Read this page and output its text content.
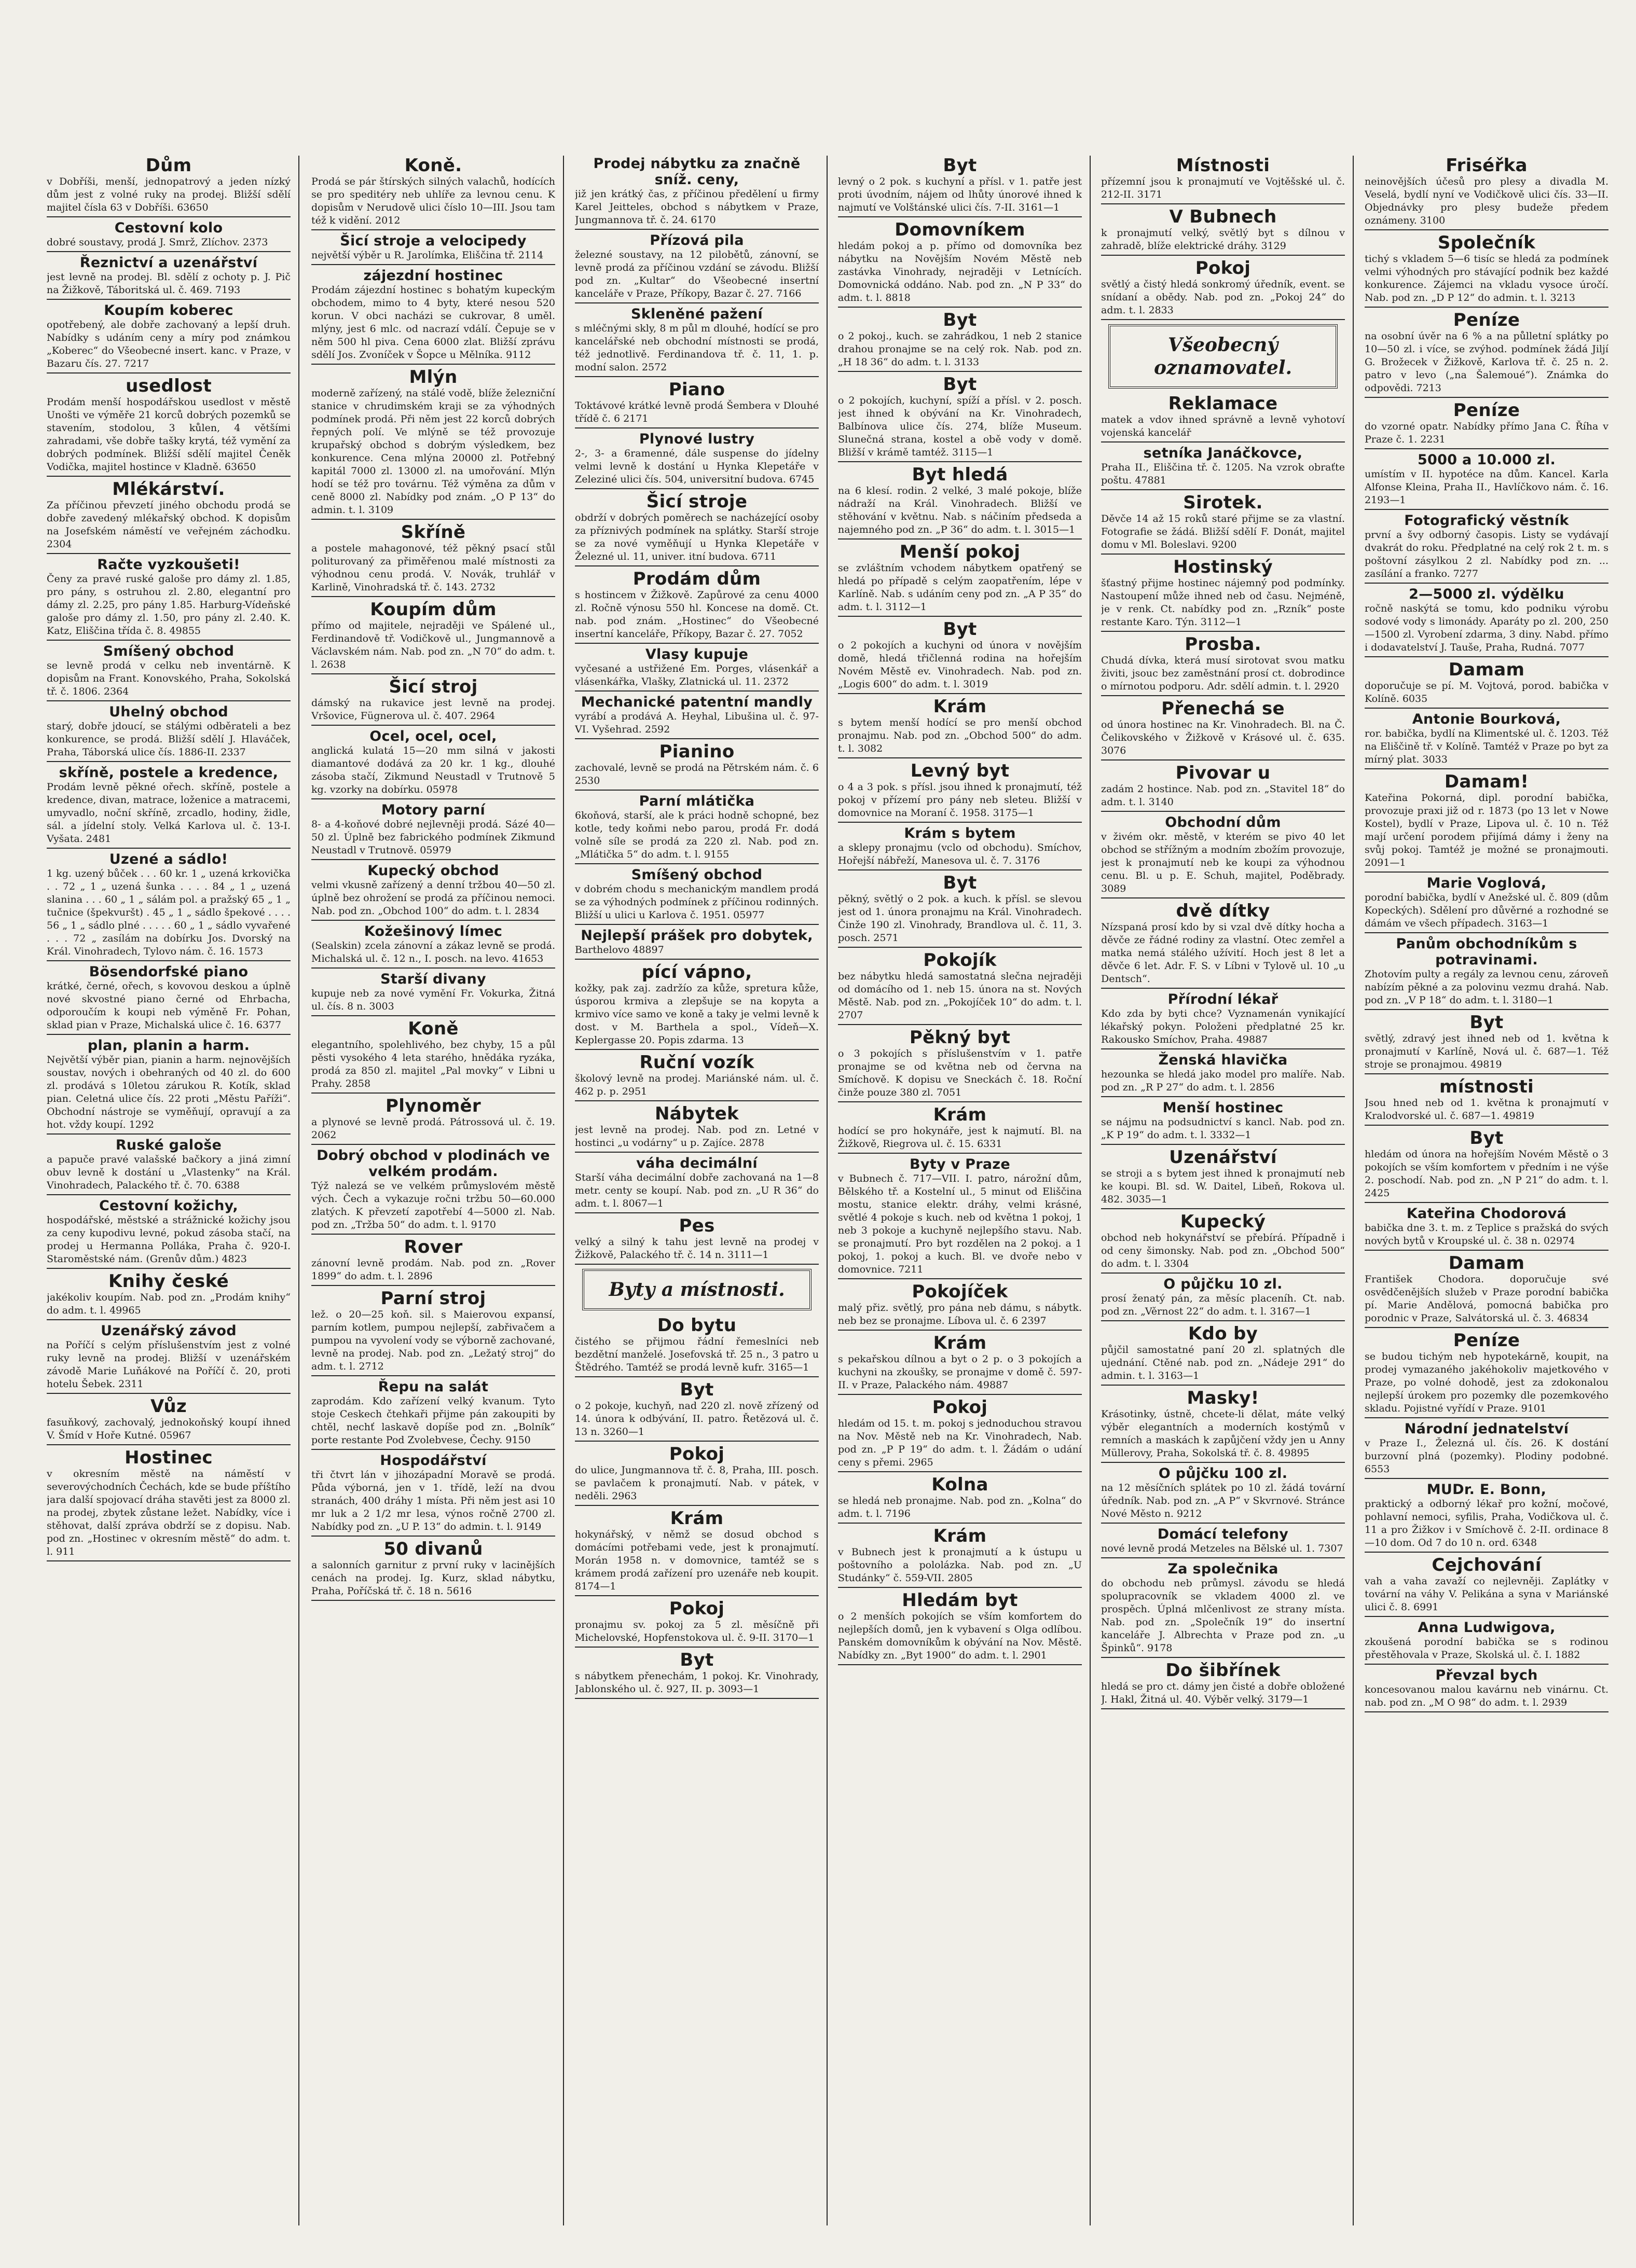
Dům
v Dobříši, menší, jednopatrový a jeden nízký dům jest z volné ruky na prodej. Bližší sdělí majitel čísla 63 v Dobříši. 63650
Cestovní kolo
dobré soustavy, prodá J. Smrž, Zlíchov. 2373
Řeznictví a uzenářství
jest levně na prodej. Bl. sdělí z ochoty p. J. Pič na Žižkově, Táboritská ul. č. 469. 7193
Koupím koberec
opotřebený, ale dobře zachovaný a lepší druh. Nabídky s udáním ceny a míry pod známkou „Koberec“ do Všeobecné insert. kanc. v Praze, v Bazaru čís. 27. 7217
usedlost
Prodám menší hospodářskou usedlost v městě Unošti ve výměře 21 korců dobrých pozemků se stavením, stodolou, 3 kůlen, 4 většími zahradami, vše dobře tašky krytá, též vymění za dobrých podmínek. Bližší sdělí majitel Čeněk Vodička, majitel hostince v Kladně. 63650
Mlékárství.
Za příčinou převzetí jiného obchodu prodá se dobře zavedený mlékařský obchod. K dopisům na Josefském náměstí ve veřejném záchodku. 2304
Račte vyzkoušeti!
Čeny za pravé ruské galoše pro dámy zl. 1.85, pro pány, s ostruhou zl. 2.80, elegantní pro dámy zl. 2.25, pro pány 1.85. Harburg-Vídeňské galoše pro dámy zl. 1.50, pro pány zl. 2.40. K. Katz, Eliščina třída č. 8. 49855
Smíšený obchod
se levně prodá v celku neb inventárně. K dopisům na Frant. Konovského, Praha, Sokolská tř. č. 1806. 2364
Uhelný obchod
starý, dobře jdoucí, se stálými odběrateli a bez konkurence, se prodá. Bližší sdělí J. Hlaváček, Praha, Táborská ulice čís. 1886-II. 2337
skříně, postele a kredence,
Prodám levně pěkné ořech. skříně, postele a kredence, divan, matrace, loženice a matracemi, umyvadlo, noční skříně, zrcadlo, hodiny, židle, sál. a jídelní stoly. Velká Karlova ul. č. 13-I. Vyšata. 2481
Uzené a sádlo!
1 kg. uzený bůček . . . 60 kr. 1 „ uzená krkovička . . 72 „ 1 „ uzená šunka . . . . 84 „ 1 „ uzená slanina . . . 60 „ 1 „ sálám pol. a pražský 65 „ 1 „ tučnice (špekvuršt) . 45 „ 1 „ sádlo špekové . . . . 56 „ 1 „ sádlo plné . . . . . 60 „ 1 „ sádlo vyvařené . . . 72 „ zasílám na dobírku Jos. Dvorský na Král. Vinohradech, Tylovo nám. č. 16. 1573
Bösendorfské piano
krátké, černé, ořech, s kovovou deskou a úplně nové skvostné piano černé od Ehrbacha, odporoučím k koupi neb výměně Fr. Pohan, sklad pian v Praze, Michalská ulice č. 16. 6377
plan, planin a harm.
Největší výběr pian, pianin a harm. nejnovějších soustav, nových i obehraných od 40 zl. do 600 zl. prodává s 10letou zárukou R. Kotík, sklad pian. Celetná ulice čís. 22 proti „Městu Paříži“. Obchodní nástroje se vyměňují, opravují a za hot. vždy koupí. 1292
Ruské galoše
a papuče pravé valašské bačkory a jiná zimní obuv levně k dostání u „Vlastenky“ na Král. Vinohradech, Palackého tř. č. 70. 6388
Cestovní kožichy,
hospodářské, městské a strážnické kožichy jsou za ceny kupodivu levné, pokud zásoba stačí, na prodej u Hermanna Polláka, Praha č. 920-I. Staroměstské nám. (Grenův dům.) 4823
Knihy české
jakékoliv koupím. Nab. pod zn. „Prodám knihy“ do adm. t. l. 49965
Uzenářský závod
na Poříčí s celým příslušenstvím jest z volné ruky levně na prodej. Bližší v uzenářském závodě Marie Luňákové na Poříčí č. 20, proti hotelu Šebek. 2311
Vůz
fasuňkový, zachovalý, jednokoňský koupí ihned V. Šmíd v Hoře Kutné. 05967
Hostinec
v okresním městě na náměstí v severovýchodních Čechách, kde se bude příštího jara další spojovací dráha stavěti jest za 8000 zl. na prodej, zbytek zůstane ležet. Nabídky, více i stěhovat, další zpráva obdrží se z dopisu. Nab. pod zn. „Hostinec v okresním městě“ do adm. t. l. 911
Koně.
Prodá se pár štírských silných valachů, hodících se pro speditéry neb uhlíře za levnou cenu. K dopisům v Nerudově ulici číslo 10—III. Jsou tam též k vidění. 2012
Šicí stroje a velocipedy
největší výběr u R. Jarolímka, Eliščina tř. 2114
zájezdní hostinec
Prodám zájezdní hostinec s bohatým kupeckým obchodem, mimo to 4 byty, které nesou 520 korun. V obci nacházi se cukrovar, 8 uměl. mlýny, jest 6 mlc. od nacrazí vdálí. Čepuje se v něm 500 hl piva. Cena 6000 zlat. Bližší zprávu sdělí Jos. Zvoníček v Šopce u Mělníka. 9112
Mlýn
moderně zařízený, na stálé vodě, blíže železniční stanice v chrudimském kraji se za výhodných podmínek prodá. Při něm jest 22 korců dobrých řepných polí. Ve mlýně se též provozuje krupařský obchod s dobrým výsledkem, bez konkurence. Cena mlýna 20000 zl. Potřebný kapitál 7000 zl. 13000 zl. na umořování. Mlýn hodí se též pro továrnu. Též výměna za dům v ceně 8000 zl. Nabídky pod znám. „O P 13“ do admin. t. l. 3109
Skříně
a postele mahagonové, též pěkný psací stůl politurovaný za přiměřenou malé místnosti za výhodnou cenu prodá. V. Novák, truhlář v Karlině, Vinohradská tř. č. 143. 2732
Koupím dům
přímo od majitele, nejraději ve Spálené ul., Ferdinandově tř. Vodičkově ul., Jungmannově a Václavském nám. Nab. pod zn. „N 70“ do adm. t. l. 2638
Šicí stroj
dámský na rukavice jest levně na prodej. Vršovice, Fügnerova ul. č. 407. 2964
Ocel, ocel, ocel,
anglická kulatá 15—20 mm silná v jakosti diamantové dodává za 20 kr. 1 kg., dlouhé zásoba stačí, Zikmund Neustadl v Trutnově 5 kg. vzorky na dobírku. 05978
Motory parní
8- a 4-koňové dobré nejlevněji prodá. Sázé 40—50 zl. Úplně bez fabrického podmínek Zikmund Neustadl v Trutnově. 05979
Kupecký obchod
velmi vkusně zařízený a denní tržbou 40—50 zl. úplně bez ohrožení se prodá za příčinou nemoci. Nab. pod zn. „Obchod 100“ do adm. t. l. 2834
Kožešinový límec
(Sealskin) zcela zánovní a zákaz levně se prodá. Michalská ul. č. 12 n., I. posch. na levo. 41653
Starší divany
kupuje neb za nové vymění Fr. Vokurka, Žitná ul. čís. 8 n. 3003
Koně
elegantního, spolehlivého, bez chyby, 15 a půl pěsti vysokého 4 leta starého, hnědáka ryzáka, prodá za 850 zl. majitel „Pal movky“ v Libni u Prahy. 2858
Plynoměr
a plynové se levně prodá. Pátrossová ul. č. 19. 2062
Dobrý obchod v plodinách ve velkém prodám.
Týž nalezá se ve velkém průmyslovém městě vých. Čech a vykazuje ročni tržbu 50—60.000 zlatých. K převzetí zapotřebí 4—5000 zl. Nab. pod zn. „Tržba 50“ do adm. t. l. 9170
Rover
zánovní levně prodám. Nab. pod zn. „Rover 1899“ do adm. t. l. 2896
Parní stroj
lež. o 20—25 koň. sil. s Maierovou expansí, parním kotlem, pumpou nejlepší, zabřivačem a pumpou na vyvolení vody se výborně zachované, levně na prodej. Nab. pod zn. „Ležatý stroj“ do adm. t. l. 2712
Řepu na salát
zaprodám. Kdo zařízení velký kvanum. Tyto stoje Ceskech čtehkaři přijme pán zakoupiti by chtěl, nechť laskavě dopíše pod zn. „Bolník“ porte restante Pod Zvolebvese, Čechy. 9150
Hospodářství
tři čtvrt lán v jihozápadní Moravě se prodá. Půda výborná, jen v 1. třídě, leží na dvou stranách, 400 dráhy 1 místa. Při něm jest asi 10 mr luk a 2 1/2 mr lesa, výnos ročně 2700 zl. Nabídky pod zn. „U P. 13“ do admin. t. l. 9149
50 divanů
a salonních garnitur z první ruky v lacinějších cenách na prodej. Ig. Kurz, sklad nábytku, Praha, Poříčská tř. č. 18 n. 5616
Prodej nábytku za značně sníž. ceny,
již jen krátký čas, z příčinou předělení u firmy Karel Jeitteles, obchod s nábytkem v Praze, Jungmannova tř. č. 24. 6170
Přízová pila
železné soustavy, na 12 pilobětů, zánovní, se levně prodá za příčinou vzdání se závodu. Bližší pod zn. „Kultar“ do Všeobecné insertní kanceláře v Praze, Příkopy, Bazar č. 27. 7166
Skleněné pažení
s mléčnými skly, 8 m půl m dlouhé, hodící se pro kancelářské neb obchodní místnosti se prodá, též jednotlivě. Ferdinandova tř. č. 11, 1. p. modní salon. 2572
Piano
Toktávové krátké levně prodá Šembera v Dlouhé třídě č. 6 2171
Plynové lustry
2-, 3- a 6ramenné, dále suspense do jídelny velmi levně k dostání u Hynka Klepetáře v Zeleziné ulici čís. 504, universitní budova. 6745
Šicí stroje
obdrží v dobrých poměrech se nacházející osoby za příznivých podmínek na splátky. Starší stroje se za nové vyměňují u Hynka Klepetáře v Železné ul. 11, univer. itní budova. 6711
Prodám dům
s hostincem v Žižkově. Zapůrové za cenu 4000 zl. Ročně výnosu 550 hl. Koncese na domě. Ct. nab. pod znám. „Hostinec“ do Všeobecné insertní kanceláře, Příkopy, Bazar č. 27. 7052
Vlasy kupuje
vyčesané a ustřižené Em. Porges, vlásenkář a vlásenkářka, Vlašky, Zlatnická ul. 11. 2372
Mechanické patentní mandly
vyrábí a prodává A. Heyhal, Libušina ul. č. 97-VI. Vyšehrad. 2592
Pianino
zachovalé, levně se prodá na Pětrském nám. č. 6 2530
Parní mlátička
6koňová, starší, ale k práci hodně schopné, bez kotle, tedy koňmi nebo parou, prodá Fr. dodá volně síle se prodá za 220 zl. Nab. pod zn. „Mlátička 5“ do adm. t. l. 9155
Smíšený obchod
v dobrém chodu s mechanickým mandlem prodá se za výhodných podmínek z příčinou rodinných. Bližší u ulici u Karlova č. 1951. 05977
Nejlepší prášek pro dobytek,
Barthelovo 48897
pící vápno,
kožky, pak zaj. zadržío za kůže, spretura kůže, úsporou krmiva a zlepšuje se na kopyta a krmivo více samo ve koně a taky je velmi levně k dost. v M. Barthela a spol., Vídeň—X. Keplergasse 20. Popis zdarma. 13
Ruční vozík
školový levně na prodej. Mariánské nám. ul. č. 462 p. p. 2951
Nábytek
jest levně na prodej. Nab. pod zn. Letné v hostinci „u vodárny“ u p. Zajíce. 2878
váha decimální
Starší váha decimální dobře zachovaná na 1—8 metr. centy se koupí. Nab. pod zn. „U R 36“ do adm. t. l. 8067—1
Pes
velký a silný k tahu jest levně na prodej v Žižkově, Palackého tř. č. 14 n. 3111—1
Byty a místnosti.
Do bytu
čistého se přijmou řádní řemeslníci neb bezdětní manželé. Josefovská tř. 25 n., 3 patro u Štědrého. Tamtéž se prodá levně kufr. 3165—1
Byt
o 2 pokoje, kuchyň, nad 220 zl. nově zřízený od 14. února k odbývání, II. patro. Řetězová ul. č. 13 n. 3260—1
Pokoj
do ulice, Jungmannova tř. č. 8, Praha, III. posch. se pavlačem k pronajmutí. Nab. v pátek, v neděli. 2963
Krám
hokynářský, v němž se dosud obchod s domácími potřebami vede, jest k pronajmutí. Morán 1958 n. v domovnice, tamtéž se s krámem prodá zařízení pro uzenáře neb koupit. 8174—1
Pokoj
pronajmu sv. pokoj za 5 zl. měsíčně při Michelovské, Hopfenstokova ul. č. 9-II. 3170—1
Byt
s nábytkem přenechám, 1 pokoj. Kr. Vinohrady, Jablonského ul. č. 927, II. p. 3093—1
Byt
levný o 2 pok. s kuchyní a přísl. v 1. patře jest proti úvodním, nájem od lhůty únorové ihned k najmutí ve Volštánské ulici čís. 7-II. 3161—1
Domovníkem
hledám pokoj a p. přímo od domovníka bez nábytku na Novějším Novém Městě neb zastávka Vinohrady, nejraději v Letnících. Domovnická oddáno. Nab. pod zn. „N P 33“ do adm. t. l. 8818
Byt
o 2 pokoj., kuch. se zahrádkou, 1 neb 2 stanice drahou pronajme se na celý rok. Nab. pod zn. „H 18 36“ do adm. t. l. 3133
Byt
o 2 pokojích, kuchyní, spíží a přísl. v 2. posch. jest ihned k obývání na Kr. Vinohradech, Balbínova ulice čís. 274, blíže Museum. Slunečná strana, kostel a obě vody v domě. Bližší v krámě tamtéž. 3115—1
Byt hledá
na 6 klesí. rodin. 2 velké, 3 malé pokoje, blíže nádraží na Král. Vinohradech. Bližší ve stěhování v květnu. Nab. s náčiním předseda a najemného pod zn. „P 36“ do adm. t. l. 3015—1
Menší pokoj
se zvláštním vchodem nábytkem opatřený se hledá po případě s celým zaopatřením, lépe v Karlíně. Nab. s udáním ceny pod zn. „A P 35“ do adm. t. l. 3112—1
Byt
o 2 pokojích a kuchyni od února v novějším domě, hledá třičlenná rodina na hořejším Novém Městě ev. Vinohradech. Nab. pod zn. „Logis 600“ do adm. t. l. 3019
Krám
s bytem menší hodící se pro menší obchod pronajmu. Nab. pod zn. „Obchod 500“ do adm. t. l. 3082
Levný byt
o 4 a 3 pok. s přísl. jsou ihned k pronajmutí, též pokoj v přízemí pro pány neb sleteu. Bližší v domovnice na Moraní č. 1958. 3175—1
Krám s bytem
a sklepy pronajmu (vclo od obchodu). Smíchov, Hořejší nábřeží, Manesova ul. č. 7. 3176
Byt
pěkný, světlý o 2 pok. a kuch. k přísl. se slevou jest od 1. února pronajmu na Král. Vinohradech. Činže 190 zl. Vinohrady, Brandlova ul. č. 11, 3. posch. 2571
Pokojík
bez nábytku hledá samostatná slečna nejraději od domácího od 1. neb 15. února na st. Nových Městě. Nab. pod zn. „Pokojíček 10“ do adm. t. l. 2707
Pěkný byt
o 3 pokojích s příslušenstvím v 1. patře pronajme se od května neb od června na Smíchově. K dopisu ve Sneckách č. 18. Roční činže pouze 380 zl. 7051
Krám
hodící se pro hokynáře, jest k najmutí. Bl. na Žižkově, Riegrova ul. č. 15. 6331
Byty v Praze
v Bubnech č. 717—VII. I. patro, nárožní dům, Bělského tř. a Kostelní ul., 5 minut od Eliščina mostu, stanice elektr. dráhy, velmi krásné, světlé 4 pokoje s kuch. neb od května 1 pokoj, 1 neb 3 pokoje a kuchyně nejlepšího stavu. Nab. se pronajmutí. Pro byt rozdělen na 2 pokoj. a 1 pokoj, 1. pokoj a kuch. Bl. ve dvoře nebo v domovnice. 7211
Pokojíček
malý přiz. světlý, pro pána neb dámu, s nábytk. neb bez se pronajme. Líbova ul. č. 6 2397
Krám
s pekařskou dílnou a byt o 2 p. o 3 pokojích a kuchyni na zkoušky, se pronajme v domě č. 597-II. v Praze, Palackého nám. 49887
Pokoj
hledám od 15. t. m. pokoj s jednoduchou stravou na Nov. Městě neb na Kr. Vinohradech, Nab. pod zn. „P P 19“ do adm. t. l. Žádám o udání ceny s přemi. 2965
Kolna
se hledá neb pronajme. Nab. pod zn. „Kolna“ do adm. t. l. 7196
Krám
v Bubnech jest k pronajmutí a k ústupu u poštovního a pololázka. Nab. pod zn. „U Studánky“ č. 559-VII. 2805
Hledám byt
o 2 menších pokojích se vším komfortem do nejlepších domů, jen k vybavení s Olga odlíbou. Panském domovníkům k obývání na Nov. Městě. Nabídky zn. „Byt 1900“ do adm. t. l. 2901
Místnosti
přízemní jsou k pronajmutí ve Vojtěšské ul. č. 212-II. 3171
V Bubnech
k pronajmutí velký, světlý byt s dílnou v zahradě, blíže elektrické dráhy. 3129
Pokoj
světlý a čistý hledá sonkromý úředník, event. se snídaní a obědy. Nab. pod zn. „Pokoj 24“ do adm. t. l. 2833
Všeobecný oznamovatel.
Reklamace
matek a vdov ihned správně a levně vyhotoví vojenská kancelář
setníka Janáčkovce,
Praha II., Eliščina tř. č. 1205. Na vzrok obraťte poštu. 47881
Sirotek.
Děvče 14 až 15 roků staré přijme se za vlastní. Fotografie se žádá. Bližší sdělí F. Donát, majitel domu v Ml. Boleslavi. 9200
Hostinský
šťastný přijme hostinec nájemný pod podmínky. Nastoupení může ihned neb od času. Nejméně, je v renk. Ct. nabídky pod zn. „Rzník“ poste restante Karo. Týn. 3112—1
Prosba.
Chudá dívka, která musí sirotovat svou matku živiti, jsouc bez zaměstnání prosí ct. dobrodince o mírnotou podporu. Adr. sdělí admin. t. l. 2920
Přenechá se
od února hostinec na Kr. Vinohradech. Bl. na Č. Čelikovského v Žižkově v Krásové ul. č. 635. 3076
Pivovar u
zadám 2 hostince. Nab. pod zn. „Stavitel 18“ do adm. t. l. 3140
Obchodní dům
v živém okr. městě, v kterém se pivo 40 let obchod se střížným a modním zbožím provozuje, jest k pronajmutí neb ke koupi za výhodnou cenu. Bl. u p. E. Schuh, majitel, Poděbrady. 3089
dvě dítky
Nízspaná prosí kdo by si vzal dvě dítky hocha a děvče ze řádné rodiny za vlastní. Otec zemřel a matka nemá stálého užívití. Hoch jest 8 let a děvče 6 let. Adr. F. S. v Líbni v Tylově ul. 10 „u Dentsch“.
Přírodní lékař
Kdo zda by byti chce? Vyznamenán vynikající lékařský pokyn. Položeni předplatné 25 kr. Rakousko Smíchov, Praha. 49887
Ženská hlavička
hezounka se hledá jako model pro malíře. Nab. pod zn. „R P 27“ do adm. t. l. 2856
Menší hostinec
se nájmu na podsudnictví s kancl. Nab. pod zn. „K P 19“ do adm. t. l. 3332—1
Uzenářství
se stroji a s bytem jest ihned k pronajmutí neb ke koupi. Bl. sd. W. Daitel, Libeň, Rokova ul. 482. 3035—1
Kupecký
obchod neb hokynářství se přebírá. Případně i od ceny šimonsky. Nab. pod zn. „Obchod 500“ do adm. t. l. 3304
O půjčku 10 zl.
prosí ženatý pán, za měsíc placeníh. Ct. nab. pod zn. „Věrnost 22“ do adm. t. l. 3167—1
Kdo by
půjčil samostatné paní 20 zl. splatných dle ujednání. Ctěné nab. pod zn. „Nádeje 291“ do admin. t. l. 3163—1
Masky!
Krásotinky, ústně, chcete-li dělat, máte velký výběr elegantních a moderních kostýmů v remních a maskách k zapůjčení vždy jen u Anny Müllerovy, Praha, Sokolská tř. č. 8. 49895
O půjčku 100 zl.
na 12 měsíčních splátek po 10 zl. žádá tovární úředník. Nab. pod zn. „A P“ v Skvrnové. Stránce Nové Město n. 9212
Domácí telefony
nové levně prodá Metzeles na Bělské ul. 1. 7307
Za společnika
do obchodu neb průmysl. závodu se hledá spolupracovník se vkladem 4000 zl. ve prospěch. Úplná mlčenlivost ze strany místa. Nab. pod zn. „Společník 19“ do insertní kanceláře J. Albrechta v Praze pod zn. „u Špinků“. 9178
Do šibřínek
hledá se pro ct. dámy jen čisté a dobře obložené J. Hakl, Žitná ul. 40. Výběr velký. 3179—1
Friséřka
neinovějších účesů pro plesy a divadla M. Veselá, bydlí nyní ve Vodičkově ulici čís. 33—II. Objednávky pro plesy budeže předem oznámeny. 3100
Společník
tichý s vkladem 5—6 tisíc se hledá za podmínek velmi výhodných pro stávající podnik bez každé konkurence. Zájemci na vkladu vysoce úročí. Nab. pod zn. „D P 12“ do admin. t. l. 3213
Peníze
na osobní úvěr na 6 % a na půlletní splátky po 10—50 zl. i více, se zvýhod. podmínek žádá Jiljí G. Brožecek v Žižkově, Karlova tř. č. 25 n. 2. patro v levo („na Šalemoué“). Známka do odpovědi. 7213
Peníze
do vzorné opatr. Nabídky přímo Jana C. Říha v Praze č. 1. 2231
5000 a 10.000 zl.
umístím v II. hypotéce na dům. Kancel. Karla Alfonse Kleina, Praha II., Havlíčkovo nám. č. 16. 2193—1
Fotografický věstník
první a švy odborný časopis. Listy se vydávají dvakrát do roku. Předplatné na celý rok 2 t. m. s poštovní zásylkou 2 zl. Nabídky pod zn. ... zasílání a franko. 7277
2—5000 zl. výdělku
ročně naskýtá se tomu, kdo podniku výrobu sodové vody s limonády. Aparáty po zl. 200, 250—1500 zl. Vyrobení zdarma, 3 diny. Nabd. přímo i dodavatelství J. Tauše, Praha, Rudná. 7077
Damam
doporučuje se pí. M. Vojtová, porod. babička v Kolíně. 6035
Antonie Bourková,
ror. babička, bydlí na Klimentské ul. č. 1203. Též na Eliščině tř. v Kolíně. Tamtéž v Praze po byt za mírný plat. 3033
Damam!
Kateřina Pokorná, dipl. porodní babička, provozuje praxi již od r. 1873 (po 13 let v Nowe Kostel), bydlí v Praze, Lipova ul. č. 10 n. Též mají určení porodem přijímá dámy i ženy na svůj pokoj. Tamtéž je možné se pronajmouti. 2091—1
Marie Voglová,
porodní babička, bydlí v Anežské ul. č. 809 (dům Kopeckých). Sdělení pro důvěrné a rozhodné se dámám ve všech případech. 3163—1
Panům obchodníkům s potravinami.
Zhotovím pulty a regály za levnou cenu, zároveň nabízím pěkné a za polovinu vezmu drahá. Nab. pod zn. „V P 18“ do adm. t. l. 3180—1
Byt
světlý, zdravý jest ihned neb od 1. května k pronajmutí v Karlíně, Nová ul. č. 687—1. Též stroje se pronajmou. 49819
místnosti
Jsou hned neb od 1. května k pronajmutí v Kralodvorské ul. č. 687—1. 49819
Byt
hledám od února na hořejším Novém Městě o 3 pokojích se vším komfortem v předním i ne výše 2. poschodí. Nab. pod zn. „N P 21“ do adm. t. l. 2425
Kateřina Chodorová
babička dne 3. t. m. z Teplice s pražská do svých nových bytů v Kroupské ul. č. 38 n. 02974
Damam
František Chodora. doporučuje své osvědčenějších služeb v Praze porodní babička pí. Marie Andělová, pomocná babička pro porodnic v Praze, Salvátorská ul. č. 3. 46834
Peníze
se budou tichým neb hypotekárně, koupit, na prodej vymazaného jakéhokoliv majetkového v Praze, po volné dohodě, jest za zdokonalou nejlepší úrokem pro pozemky dle pozemkového skladu. Pojistné vyřídí v Praze. 9101
Národní jednatelství
v Praze I., Železná ul. čís. 26. K dostání burzovní plná (pozemky). Plodiny podobné. 6553
MUDr. E. Bonn,
praktický a odborný lékař pro kožní, močové, pohlavní nemoci, syfilis, Praha, Vodičkova ul. č. 11 a pro Žižkov i v Smíchově č. 2-II. ordinace 8—10 dom. Od 7 do 10 n. ord. 6348
Cejchování
vah a vaha zavaží co nejlevněji. Zaplátky v tovární na váhy V. Pelikána a syna v Mariánské ulici č. 8. 6991
Anna Ludwigova,
zkoušená porodní babička se s rodinou přestěhovala v Praze, Skolská ul. č. I. 1882
Převzal bych
koncesovanou malou kavárnu neb vinárnu. Ct. nab. pod zn. „M O 98“ do adm. t. l. 2939
